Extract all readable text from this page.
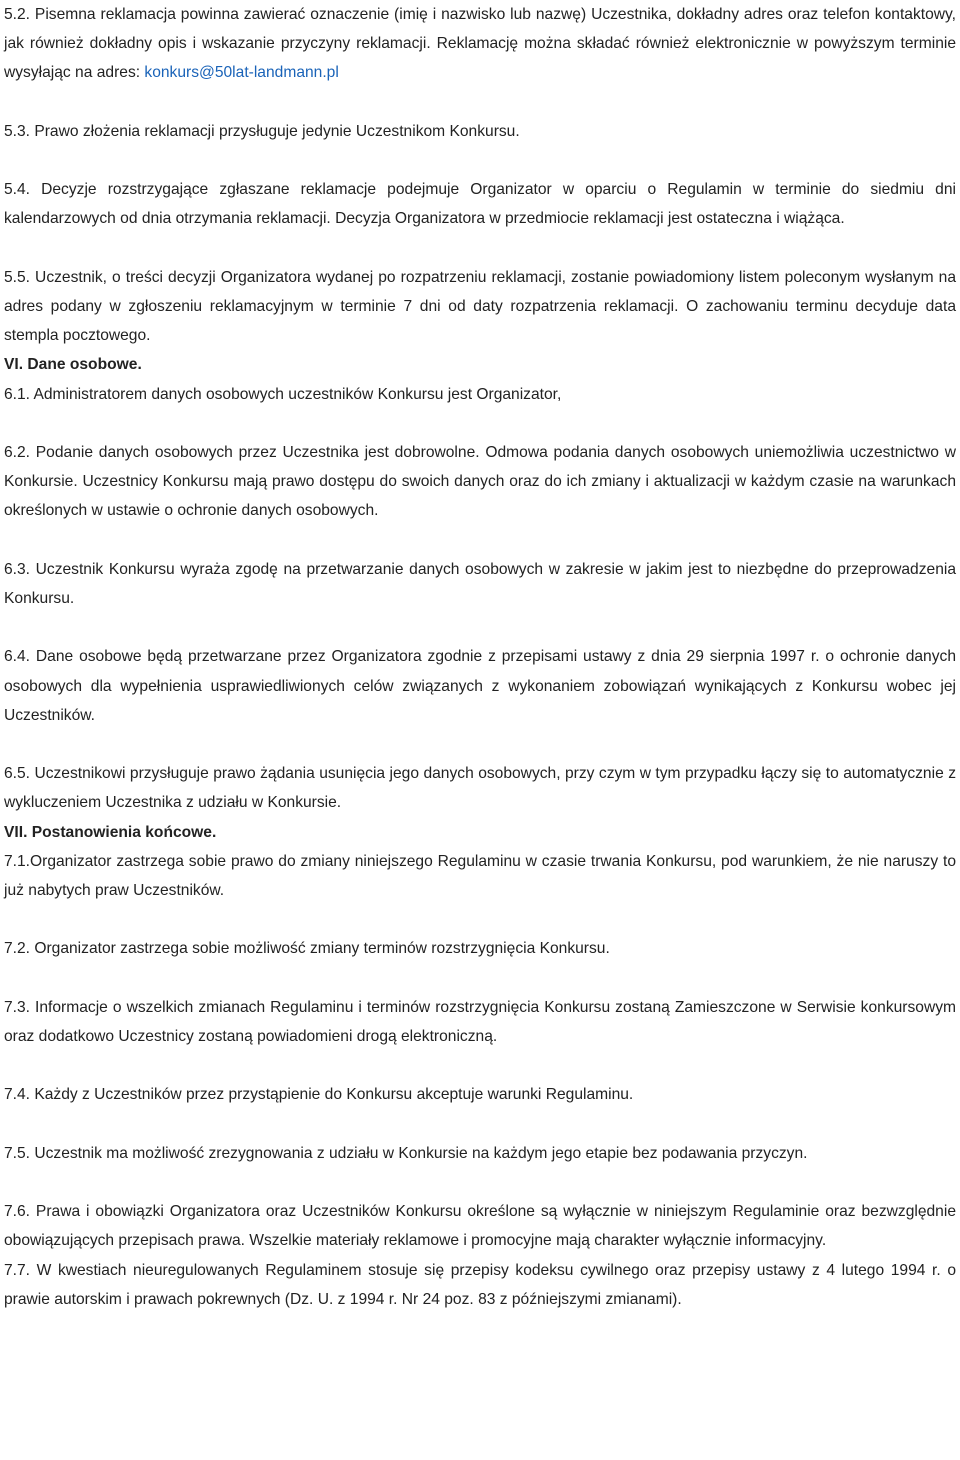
5.2. Pisemna reklamacja powinna zawierać oznaczenie (imię i nazwisko lub nazwę) Uczestnika, dokładny adres oraz telefon kontaktowy, jak również dokładny opis i wskazanie przyczyny reklamacji. Reklamację można składać również elektronicznie w powyższym terminie wysyłając na adres: konkurs@50lat-landmann.pl

5.3. Prawo złożenia reklamacji przysługuje jedynie Uczestnikom Konkursu.

5.4. Decyzje rozstrzygające zgłaszane reklamacje podejmuje Organizator w oparciu o Regulamin w terminie do siedmiu dni kalendarzowych od dnia otrzymania reklamacji. Decyzja Organizatora w przedmiocie reklamacji jest ostateczna i wiążąca.

5.5. Uczestnik, o treści decyzji Organizatora wydanej po rozpatrzeniu reklamacji, zostanie powiadomiony listem poleconym wysłanym na adres podany w zgłoszeniu reklamacyjnym w terminie 7 dni od daty rozpatrzenia reklamacji. O zachowaniu terminu decyduje data stempla pocztowego.

VI. Dane osobowe.

6.1. Administratorem danych osobowych uczestników Konkursu jest Organizator,

6.2. Podanie danych osobowych przez Uczestnika jest dobrowolne. Odmowa podania danych osobowych uniemożliwia uczestnictwo w Konkursie. Uczestnicy Konkursu mają prawo dostępu do swoich danych oraz do ich zmiany i aktualizacji w każdym czasie na warunkach określonych w ustawie o ochronie danych osobowych.

6.3. Uczestnik Konkursu wyraża zgodę na przetwarzanie danych osobowych w zakresie w jakim jest to niezbędne do przeprowadzenia Konkursu.

6.4. Dane osobowe będą przetwarzane przez Organizatora zgodnie z przepisami ustawy z dnia 29 sierpnia 1997 r. o ochronie danych osobowych dla wypełnienia usprawiedliwionych celów związanych z wykonaniem zobowiązań wynikających z Konkursu wobec jej Uczestników.

6.5. Uczestnikowi przysługuje prawo żądania usunięcia jego danych osobowych, przy czym w tym przypadku łączy się to automatycznie z wykluczeniem Uczestnika z udziału w Konkursie.

VII. Postanowienia końcowe.

7.1.Organizator zastrzega sobie prawo do zmiany niniejszego Regulaminu w czasie trwania Konkursu, pod warunkiem, że nie naruszy to już nabytych praw Uczestników.

7.2. Organizator zastrzega sobie możliwość zmiany terminów rozstrzygnięcia Konkursu.

7.3. Informacje o wszelkich zmianach Regulaminu i terminów rozstrzygnięcia Konkursu zostaną Zamieszczone w Serwisie konkursowym oraz dodatkowo Uczestnicy zostaną powiadomieni drogą elektroniczną.

7.4. Każdy z Uczestników przez przystąpienie do Konkursu akceptuje warunki Regulaminu.

7.5. Uczestnik ma możliwość zrezygnowania z udziału w Konkursie na każdym jego etapie bez podawania przyczyn.

7.6. Prawa i obowiązki Organizatora oraz Uczestników Konkursu określone są wyłącznie w niniejszym Regulaminie oraz bezwzględnie obowiązujących przepisach prawa. Wszelkie materiały reklamowe i promocyjne mają charakter wyłącznie informacyjny.

7.7. W kwestiach nieuregulowanych Regulaminem stosuje się przepisy kodeksu cywilnego oraz przepisy ustawy z 4 lutego 1994 r. o prawie autorskim i prawach pokrewnych (Dz. U. z 1994 r. Nr 24 poz. 83 z późniejszymi zmianami).
